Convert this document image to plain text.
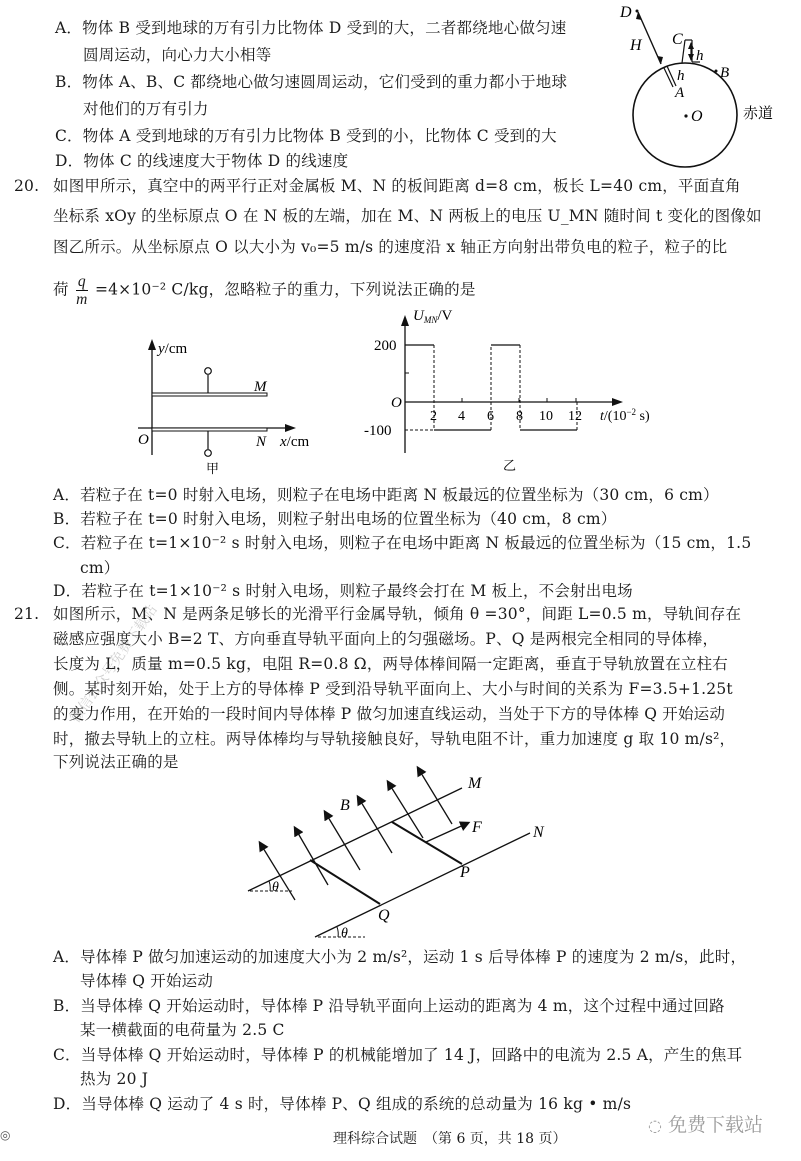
A．物体 B 受到地球的万有引力比物体 D 受到的大，二者都绕地心做匀速
圆周运动，向心力大小相等
B．物体 A、B、C 都绕地心做匀速圆周运动，它们受到的重力都小于地球
对他们的万有引力
C．物体 A 受到地球的万有引力比物体 B 受到的小，比物体 C 受到的大
D．物体 C 的线速度大于物体 D 的线速度
D
H C
h
h
A
B
O	赤道
20. 如图甲所示，真空中的两平行正对金属板 M、N 的板间距离 d=8 cm，板长 L=40 cm，平面直角
坐标系 xOy 的坐标原点 O 在 N 板的左端，加在 M、N 两板上的电压 U_MN 随时间 t 变化的图像如
图乙所示。从坐标原点 O 以大小为 v₀=5 m/s 的速度沿 x 轴正方向射出带负电的粒子，粒子的比
荷 $\frac{q}{m} =4\times 10^{-2}$ C/kg，忽略粒子的重力，下列说法正确的是
y/cm
M
O	N x/cm
甲
$U_{MN}/V$
200
O
-100
2 4 6 8 10 12 $t/(10^{-2}$ s)
乙
A．若粒子在 t=0 时射入电场，则粒子在电场中距离 N 板最远的位置坐标为（30 cm，6 cm）
B．若粒子在 t=0 时射入电场，则粒子射出电场的位置坐标为（40 cm，8 cm）
C．若粒子在 t=1×10⁻² s 时射入电场，则粒子在电场中距离 N 板最远的位置坐标为（15 cm，1.5
cm）
D．若粒子在 t=1×10⁻² s 时射入电场，则粒子最终会打在 M 板上，不会射出电场
21. 如图所示，M、N 是两条足够长的光滑平行金属导轨，倾角 θ =30°，间距 L=0.5 m，导轨间存在
磁感应强度大小 B=2 T、方向垂直导轨平面向上的匀强磁场。P、Q 是两根完全相同的导体棒，
长度为 L，质量 m=0.5 kg，电阻 R=0.8 Ω，两导体棒间隔一定距离，垂直于导轨放置在立柱右
侧。某时刻开始，处于上方的导体棒 P 受到沿导轨平面向上、大小与时间的关系为 F=3.5+1.25t
的变力作用，在开始的一段时间内导体棒 P 做匀加速直线运动，当处于下方的导体棒 Q 开始运动
时，撤去导轨上的立柱。两导体棒均与导轨接触良好，导轨电阻不计，重力加速度 g 取 10 m/s²，
下列说法正确的是
M
N
B
F
P
Q
θ
θ
A．导体棒 P 做匀加速运动的加速度大小为 2 m/s²，运动 1 s 后导体棒 P 的速度为 2 m/s，此时，
导体棒 Q 开始运动
B．当导体棒 Q 开始运动时，导体棒 P 沿导轨平面向上运动的距离为 4 m，这个过程中通过回路
某一横截面的电荷量为 2.5 C
C．当导体棒 Q 开始运动时，导体棒 P 的机械能增加了 14 J，回路中的电流为 2.5 A，产生的焦耳
热为 20 J
D．当导体棒 Q 运动了 4 s 时，导体棒 P、Q 组成的系统的总动量为 16 kg • m/s
◎	理科综合试题　（第 6 页，共 18 页）
◌ 免费下载站
微信公众号免费下载站
